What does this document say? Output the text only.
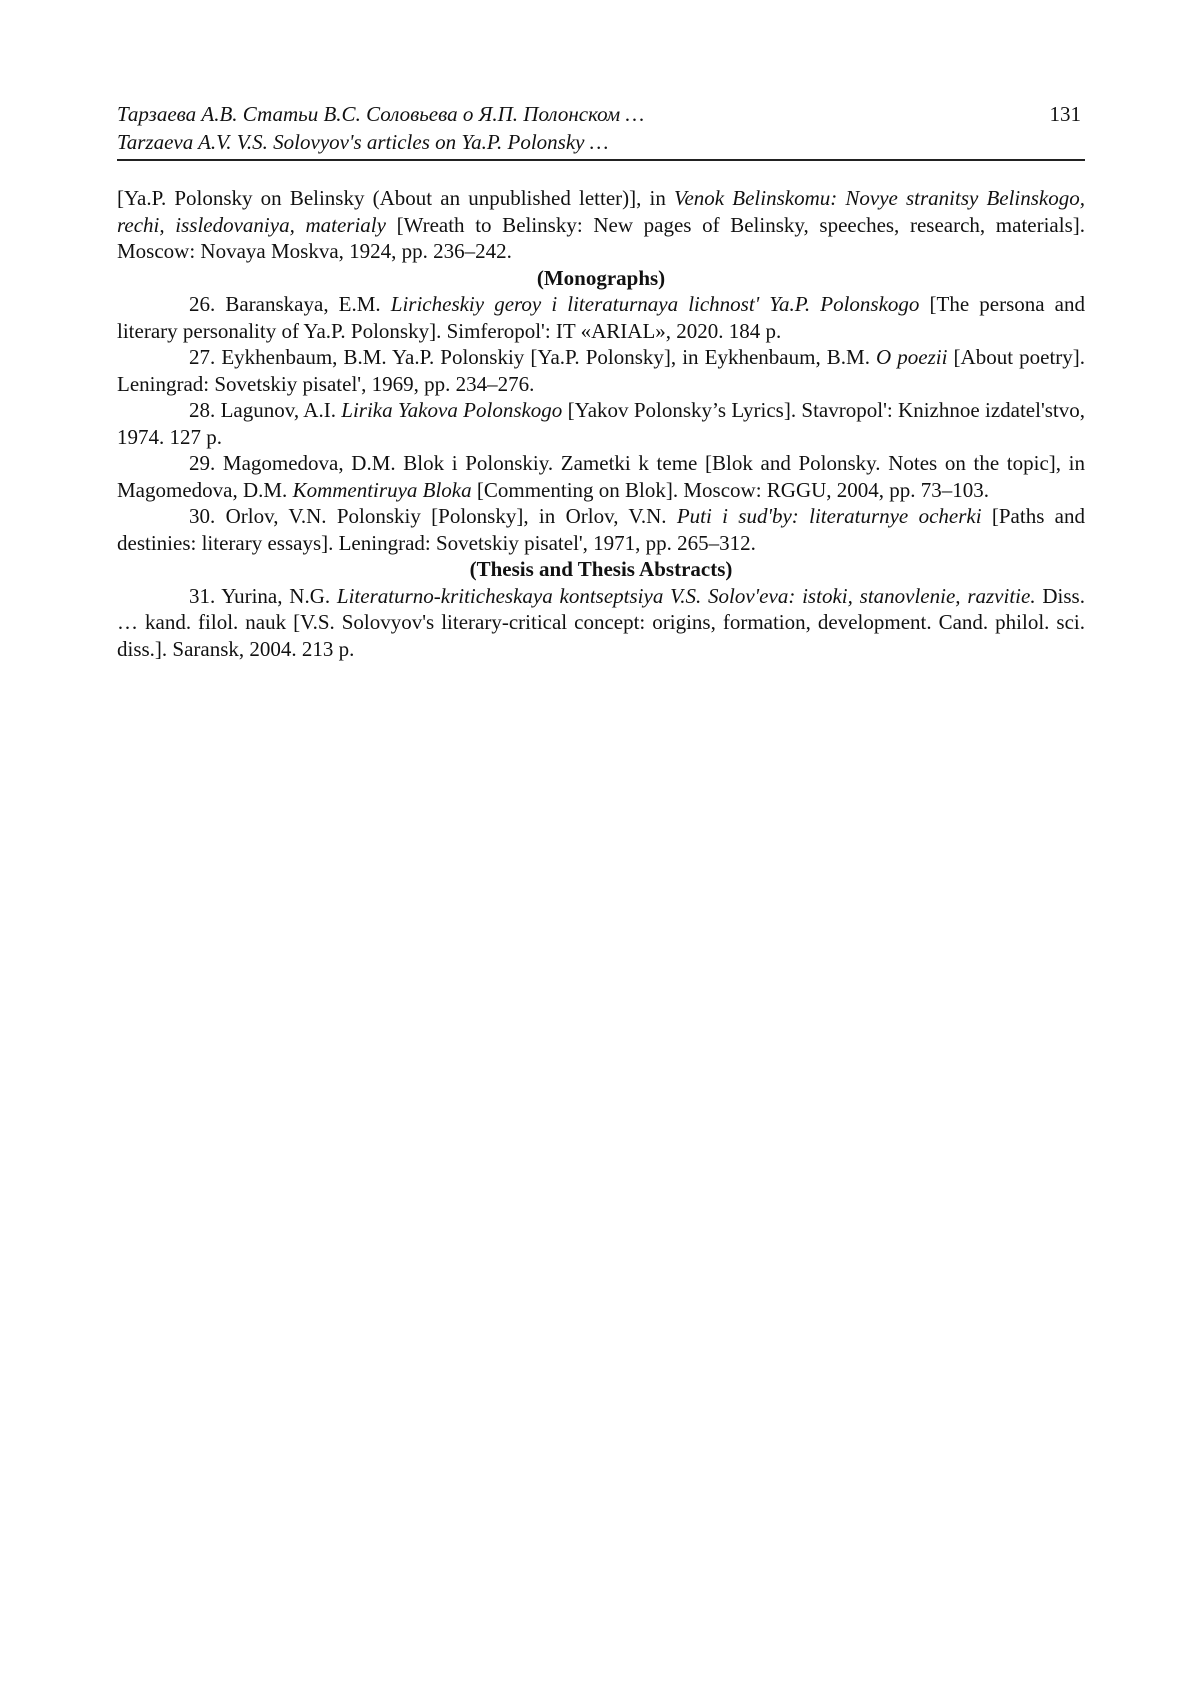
Тарзаева А.В. Статьи В.С. Соловьева о Я.П. Полонском …
Tarzaeva A.V. V.S. Solovyov's articles on Ya.P. Polonsky …
131

[Ya.P. Polonsky on Belinsky (About an unpublished letter)], in Venok Belinskomu: Novye stranitsy Belinskogo, rechi, issledovaniya, materialy [Wreath to Belinsky: New pages of Belinsky, speeches, research, materials]. Moscow: Novaya Moskva, 1924, pp. 236–242.

(Monographs)

26. Baranskaya, E.M. Liricheskiy geroy i literaturnaya lichnost' Ya.P. Polonskogo [The persona and literary personality of Ya.P. Polonsky]. Simferopol': IT «ARIAL», 2020. 184 p.

27. Eykhenbaum, B.M. Ya.P. Polonskiy [Ya.P. Polonsky], in Eykhenbaum, B.M. O poezii [About poetry]. Leningrad: Sovetskiy pisatel', 1969, pp. 234–276.

28. Lagunov, A.I. Lirika Yakova Polonskogo [Yakov Polonsky’s Lyrics]. Stavropol': Knizhnoe izdatel'stvo, 1974. 127 p.

29. Magomedova, D.M. Blok i Polonskiy. Zametki k teme [Blok and Polonsky. Notes on the topic], in Magomedova, D.M. Kommentiruya Bloka [Commenting on Blok]. Moscow: RGGU, 2004, pp. 73–103.

30. Orlov, V.N. Polonskiy [Polonsky], in Orlov, V.N. Puti i sud'by: literaturnye ocherki [Paths and destinies: literary essays]. Leningrad: Sovetskiy pisatel', 1971, pp. 265–312.

(Thesis and Thesis Abstracts)

31. Yurina, N.G. Literaturno-kriticheskaya kontseptsiya V.S. Solov'eva: istoki, stanovlenie, razvitie. Diss. … kand. filol. nauk [V.S. Solovyov's literary-critical concept: origins, formation, development. Cand. philol. sci. diss.]. Saransk, 2004. 213 p.
